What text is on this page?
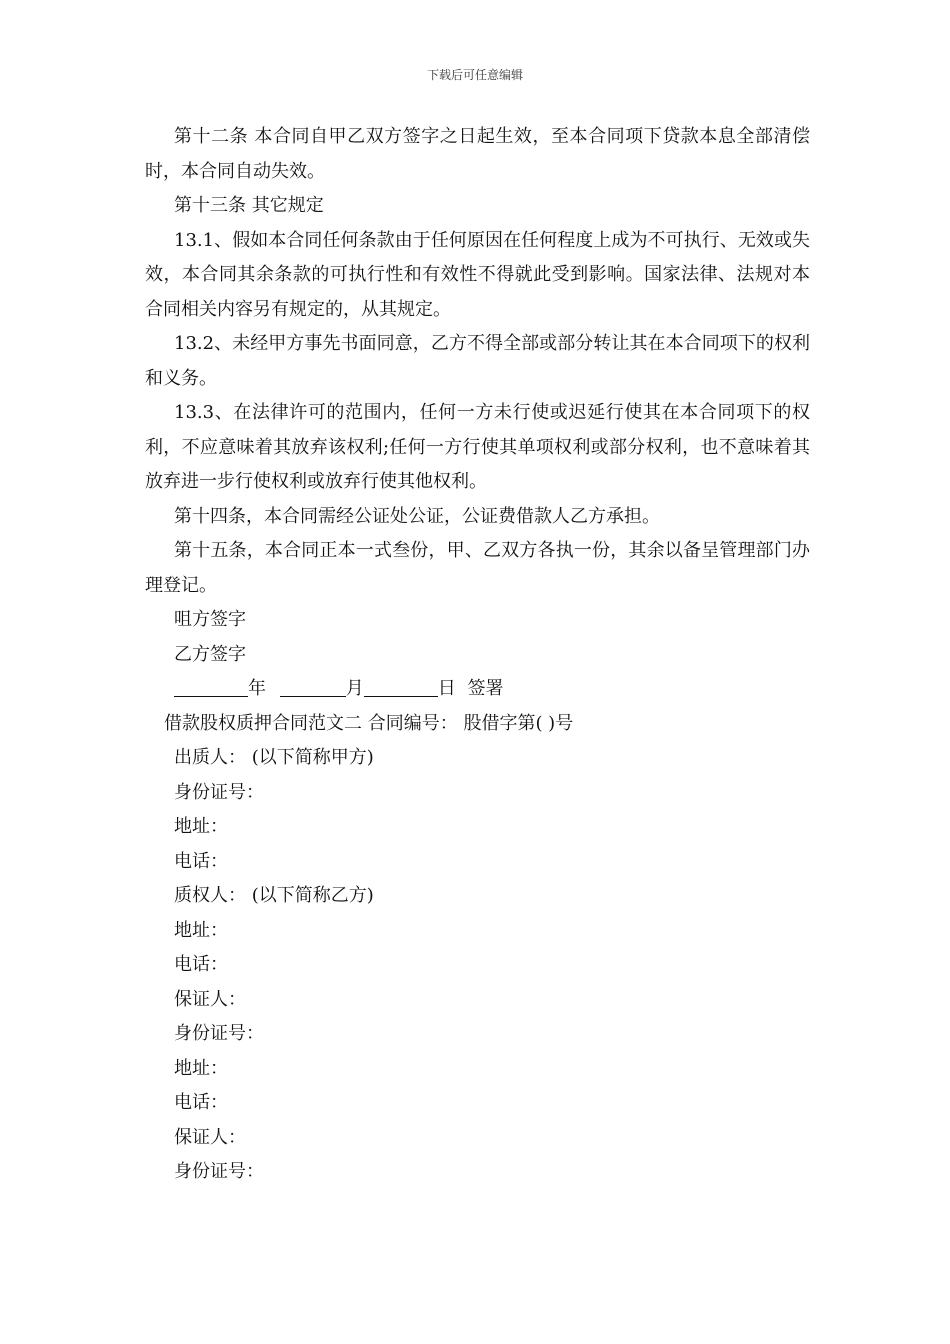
下载后可任意编辑

第十二条 本合同自甲乙双方签字之日起生效，至本合同项下贷款本息全部清偿时，本合同自动失效。

第十三条 其它规定

13.1、假如本合同任何条款由于任何原因在任何程度上成为不可执行、无效或失效，本合同其余条款的可执行性和有效性不得就此受到影响。国家法律、法规对本合同相关内容另有规定的，从其规定。

13.2、未经甲方事先书面同意，乙方不得全部或部分转让其在本合同项下的权利和义务。

13.3、在法律许可的范围内，任何一方未行使或迟延行使其在本合同项下的权利，不应意味着其放弃该权利;任何一方行使其单项权利或部分权利，也不意味着其放弃进一步行使权利或放弃行使其他权利。

第十四条，本合同需经公证处公证，公证费借款人乙方承担。

第十五条，本合同正本一式叁份，甲、乙双方各执一份，其余以备呈管理部门办理登记。

咀方签字

乙方签字

年	月	日 签署

借款股权质押合同范文二 合同编号： 股借字第( )号

出质人： (以下简称甲方)

身份证号：

地址：

电话：

质权人： (以下简称乙方)

地址：

电话：

保证人：

身份证号：

地址：

电话：

保证人：

身份证号：
